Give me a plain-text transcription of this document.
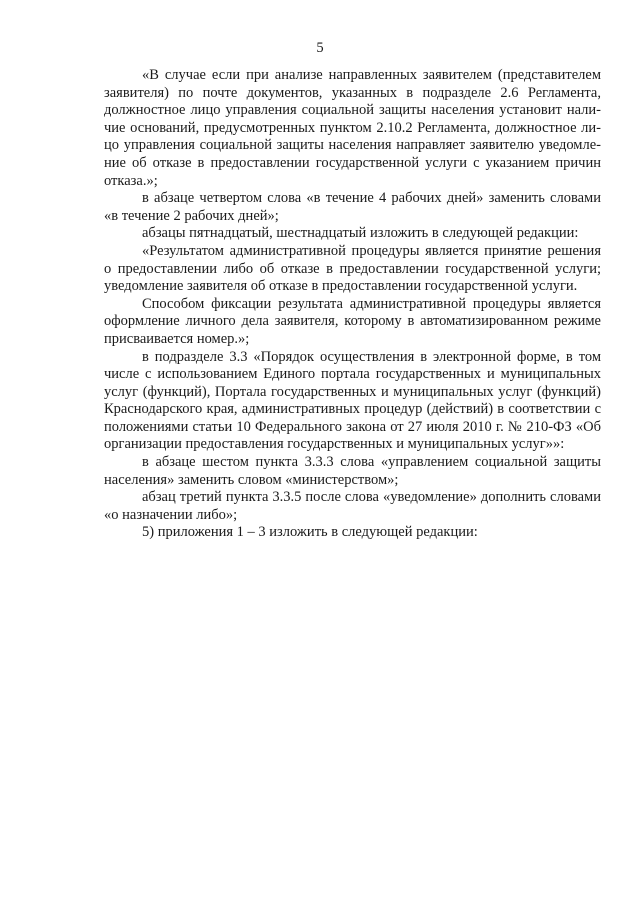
5

«В случае если при анализе направленных заявителем (представителем заявителя) по почте документов, указанных в подразделе 2.6 Регламента, должностное лицо управления социальной защиты населения установит наличие оснований, предусмотренных пунктом 2.10.2 Регламента, должностное лицо управления социальной защиты населения направляет заявителю уведомление об отказе в предоставлении государственной услуги с указанием причин отказа.»;

в абзаце четвертом слова «в течение 4 рабочих дней» заменить словами «в течение 2 рабочих дней»;

абзацы пятнадцатый, шестнадцатый изложить в следующей редакции:

«Результатом административной процедуры является принятие решения о предоставлении либо об отказе в предоставлении государственной услуги; уведомление заявителя об отказе в предоставлении государственной услуги.

Способом фиксации результата административной процедуры является оформление личного дела заявителя, которому в автоматизированном режиме присваивается номер.»;

в подразделе 3.3 «Порядок осуществления в электронной форме, в том числе с использованием Единого портала государственных и муниципальных услуг (функций), Портала государственных и муниципальных услуг (функций) Краснодарского края, административных процедур (действий) в соответствии с положениями статьи 10 Федерального закона от 27 июля 2010 г. № 210-ФЗ «Об организации предоставления государственных и муниципальных услуг»»:

в абзаце шестом пункта 3.3.3 слова «управлением социальной защиты населения» заменить словом «министерством»;

абзац третий пункта 3.3.5 после слова «уведомление» дополнить словами «о назначении либо»;

5) приложения 1 – 3 изложить в следующей редакции:
